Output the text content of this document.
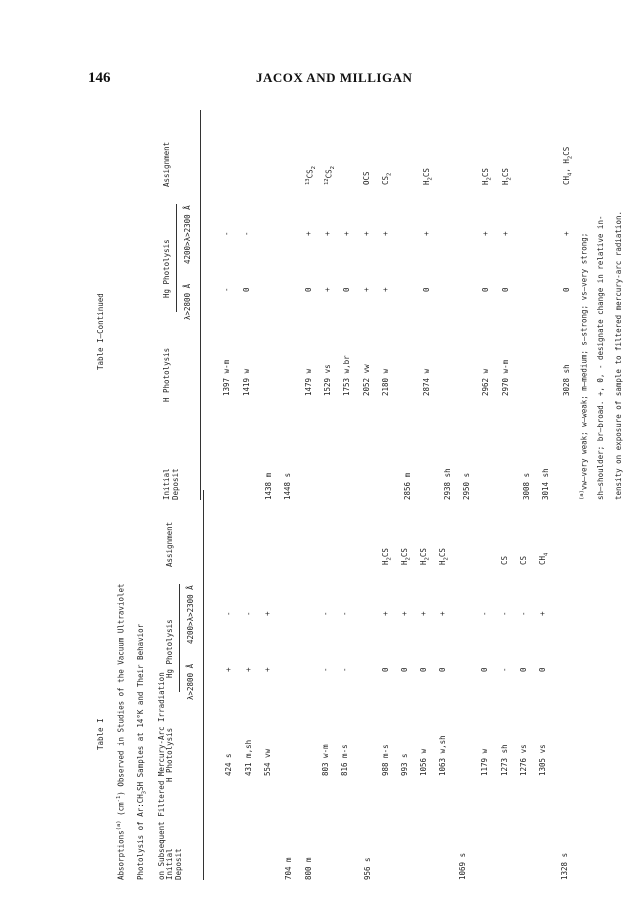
146	JACOX AND MILLIGAN
Table I
Absorptions$^{(a)}$ $(cm^{-1})$ Observed in Studies of the Vacuum Ultraviolet
Photolysis of $Ar:CH_3SH$ Samples at 14°K and Their Behavior	on Subsequent Filtered Mercury-Arc Irradiation Initial Deposit
H Photolysis
Hg Photolysis
Assignment
λ>2800 Å
4200>λ>2300 Å
424 s
+
-
431 m,sh
+
-
554 vw
+
+
704 m 800 m
803 w-m
-
-
816 m-s
-
-
956 s
988 m-s
0
+
$H_2CS$
993 s
0
+
$H_2CS$
1056 w
0
+
$H_2CS$
1063 w,sh
0
+
$H_2CS$
1069 s
1179 w
0
-
1273 sh
-
-
CS
1276 vs
0
-
CS
1305 vs
0
+
$CH_4$
1328 s
Table I—Continued
Initial Deposit
H Photolysis
Hg Photolysis
Assignment
λ>2800 Å
4200>λ>2300 Å
1397 w-m
-
-
1419 w
0
-
1438 m 1448 s
1479 w
0
+
$^{13}CS_2$
1529 vs
+
+
$^{12}CS_2$
1753 w,br
0
+
2052 vw
+
+
OCS
2180 w
+
+
$CS_2$
2856 m
2874 w
0
+
$H_2CS$
2938 sh 2950 s
2962 w
0
+
$H_2CS$
2970 w-m
0
+
$H_2CS$
3008 s 3014 sh
3028 sh
0
+
$CH_4$, $H_2CS$
$^{(a)}$vw—very weak; w—weak; m—medium; s—strong; vs—very strong; sh—shoulder; br—broad. +, 0, - designate change in relative in- tensity on exposure of sample to filtered mercury-arc radiation.
